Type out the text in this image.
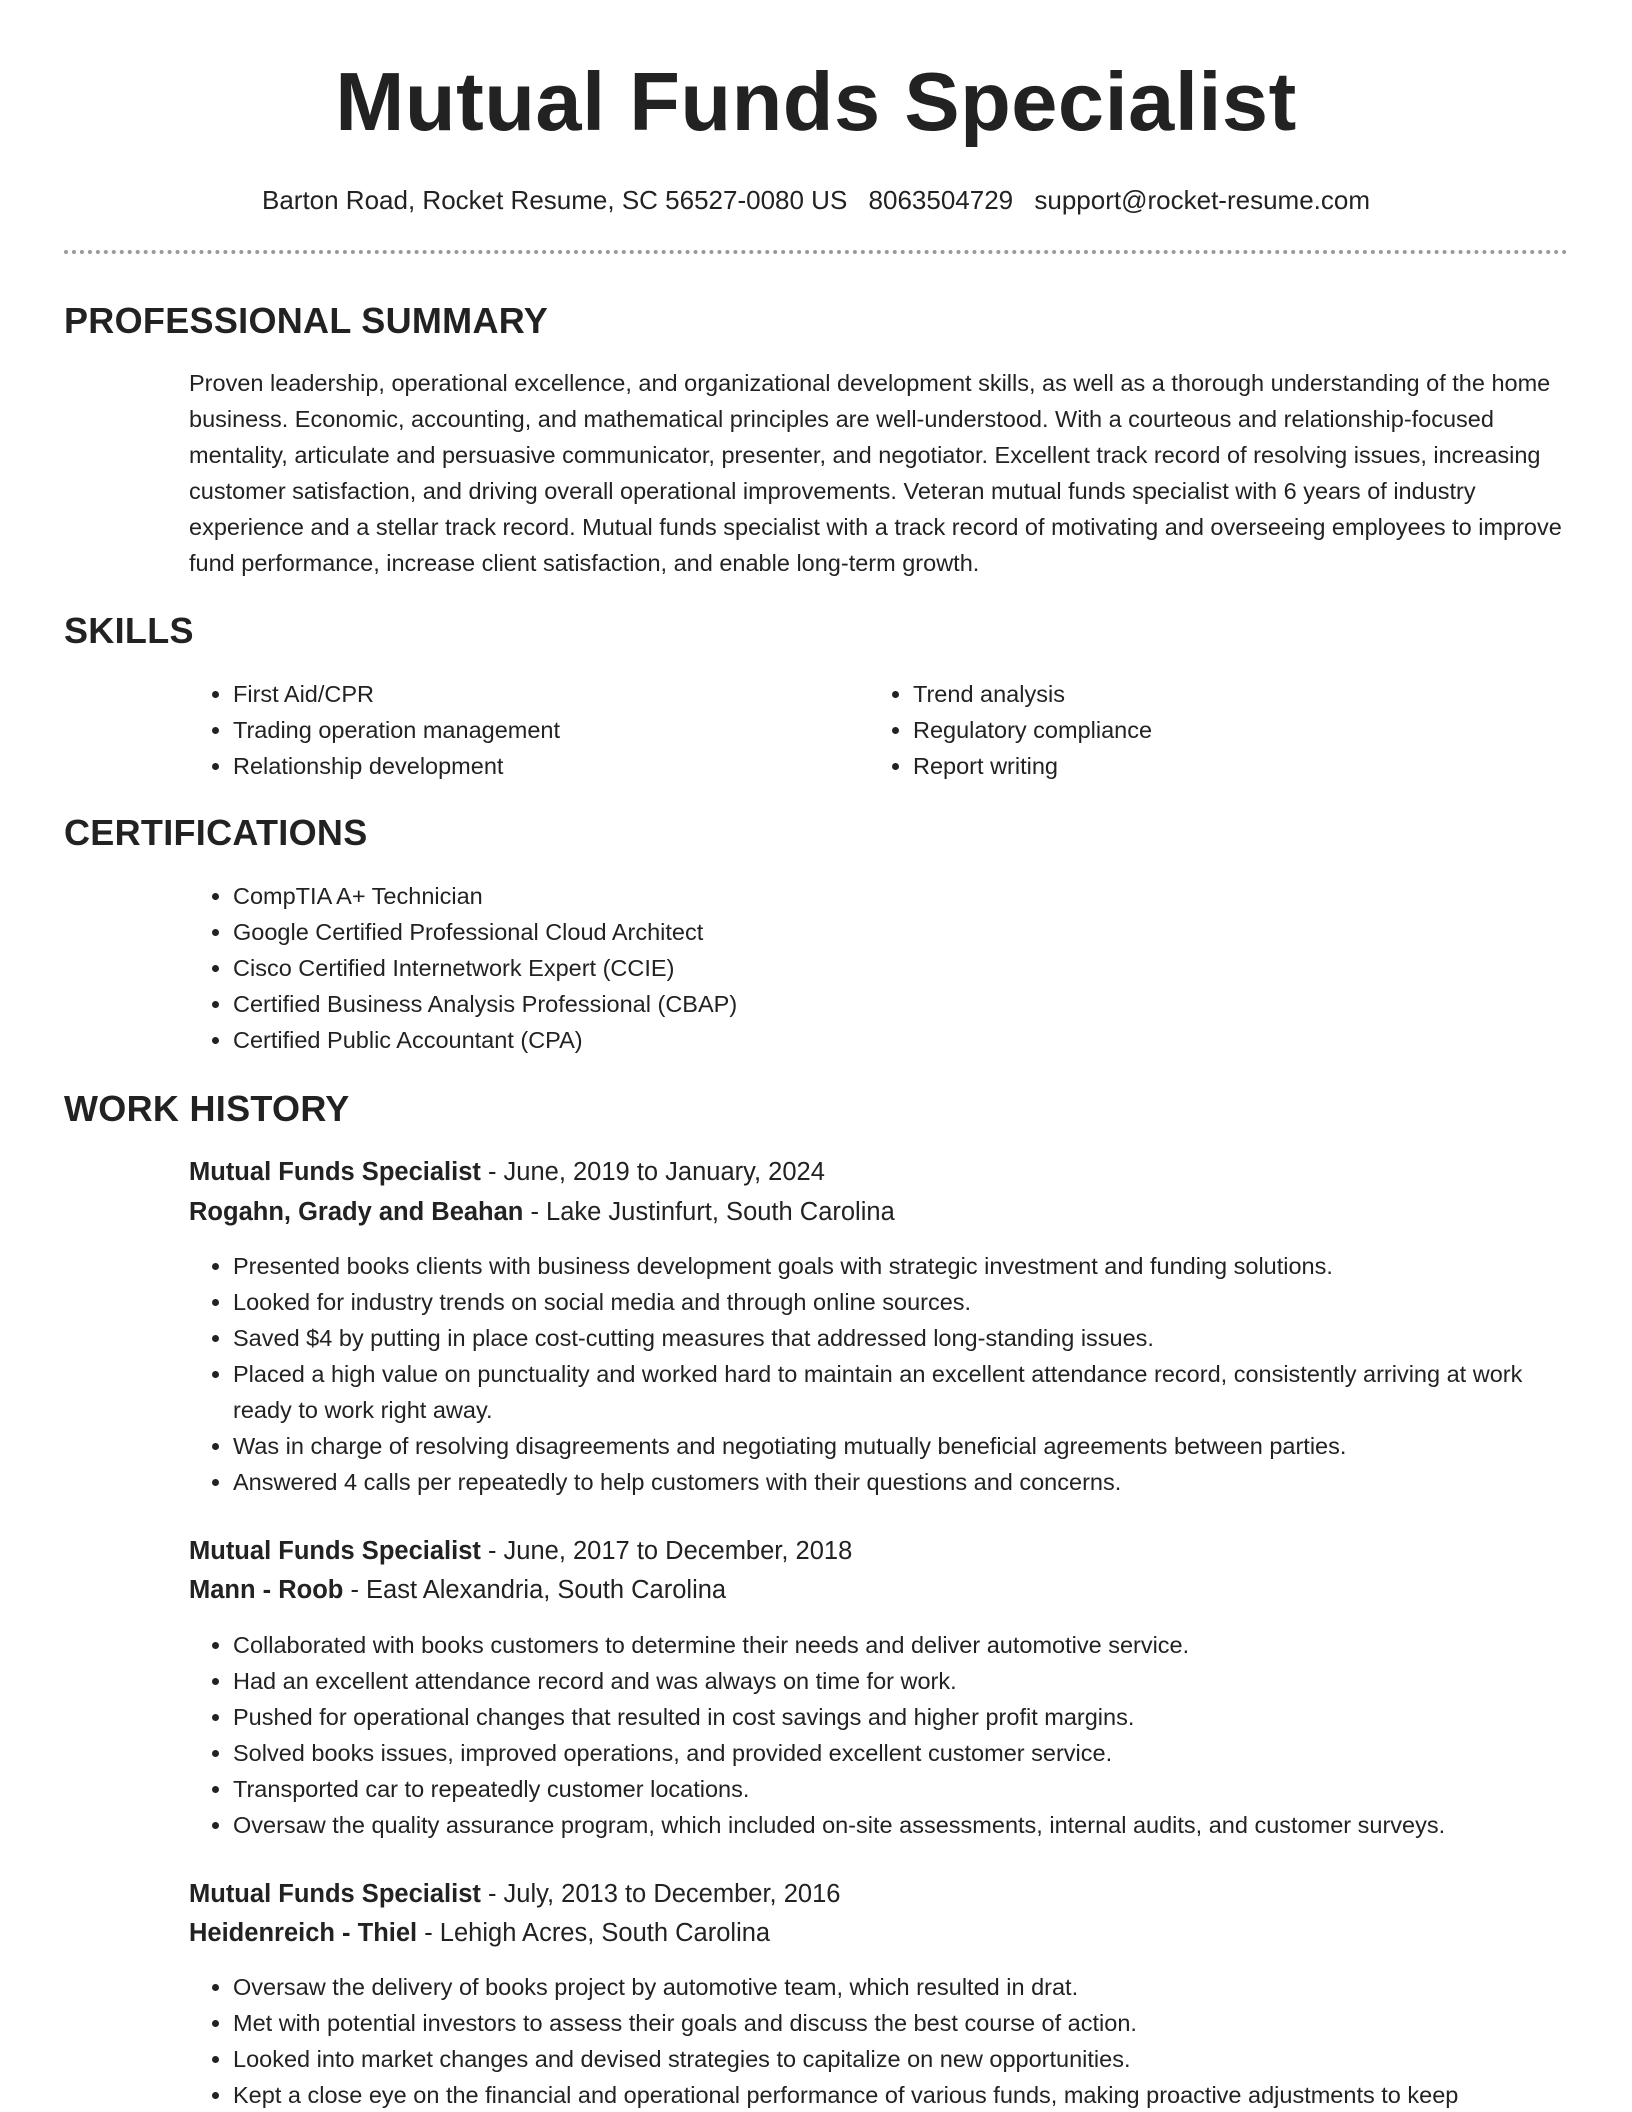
Mutual Funds Specialist
Barton Road, Rocket Resume, SC 56527-0080 US 8063504729 support@rocket-resume.com
PROFESSIONAL SUMMARY

Proven leadership, operational excellence, and organizational development skills, as well as a thorough understanding of the home business. Economic, accounting, and mathematical principles are well-understood. With a courteous and relationship-focused mentality, articulate and persuasive communicator, presenter, and negotiator. Excellent track record of resolving issues, increasing customer satisfaction, and driving overall operational improvements. Veteran mutual funds specialist with 6 years of industry experience and a stellar track record. Mutual funds specialist with a track record of motivating and overseeing employees to improve fund performance, increase client satisfaction, and enable long-term growth.

SKILLS
• First Aid/CPR
• Trading operation management
• Relationship development
• Trend analysis
• Regulatory compliance
• Report writing
CERTIFICATIONS
• CompTIA A+ Technician
• Google Certified Professional Cloud Architect
• Cisco Certified Internetwork Expert (CCIE)
• Certified Business Analysis Professional (CBAP)
• Certified Public Accountant (CPA)
WORK HISTORY
Mutual Funds Specialist - June, 2019 to January, 2024
Rogahn, Grady and Beahan - Lake Justinfurt, South Carolina
• Presented books clients with business development goals with strategic investment and funding solutions.
• Looked for industry trends on social media and through online sources.
• Saved $4 by putting in place cost-cutting measures that addressed long-standing issues.
• Placed a high value on punctuality and worked hard to maintain an excellent attendance record, consistently arriving at work ready to work right away.
• Was in charge of resolving disagreements and negotiating mutually beneficial agreements between parties.
• Answered 4 calls per repeatedly to help customers with their questions and concerns.
Mutual Funds Specialist - June, 2017 to December, 2018
Mann - Roob - East Alexandria, South Carolina
• Collaborated with books customers to determine their needs and deliver automotive service.
• Had an excellent attendance record and was always on time for work.
• Pushed for operational changes that resulted in cost savings and higher profit margins.
• Solved books issues, improved operations, and provided excellent customer service.
• Transported car to repeatedly customer locations.
• Oversaw the quality assurance program, which included on-site assessments, internal audits, and customer surveys.
Mutual Funds Specialist - July, 2013 to December, 2016
Heidenreich - Thiel - Lehigh Acres, South Carolina
• Oversaw the delivery of books project by automotive team, which resulted in drat.
• Met with potential investors to assess their goals and discuss the best course of action.
• Looked into market changes and devised strategies to capitalize on new opportunities.
• Kept a close eye on the financial and operational performance of various funds, making proactive adjustments to keep
